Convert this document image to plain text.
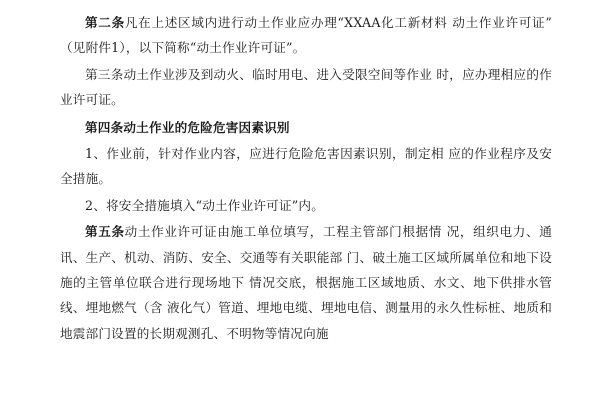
第二条凡在上述区域内进行动土作业应办理“XXAA化工新材料 动土作业许可证”（见附件1），以下简称“动土作业许可证”。

第三条动土作业涉及到动火、临时用电、进入受限空间等作业 时，应办理相应的作业许可证。

第四条动土作业的危险危害因素识别

1、作业前，针对作业内容，应进行危险危害因素识别，制定相 应的作业程序及安全措施。

2、将安全措施填入“动土作业许可证”内。

第五条动土作业许可证由施工单位填写，工程主管部门根据情 况，组织电力、通讯、生产、机动、消防、安全、交通等有关职能部 门、破土施工区域所属单位和地下设施的主管单位联合进行现场地下 情况交底，根据施工区域地质、水文、地下供排水管线、埋地燃气（含 液化气）管道、埋地电缆、埋地电信、测量用的永久性标桩、地质和 地震部门设置的长期观测孔、不明物等情况向施
